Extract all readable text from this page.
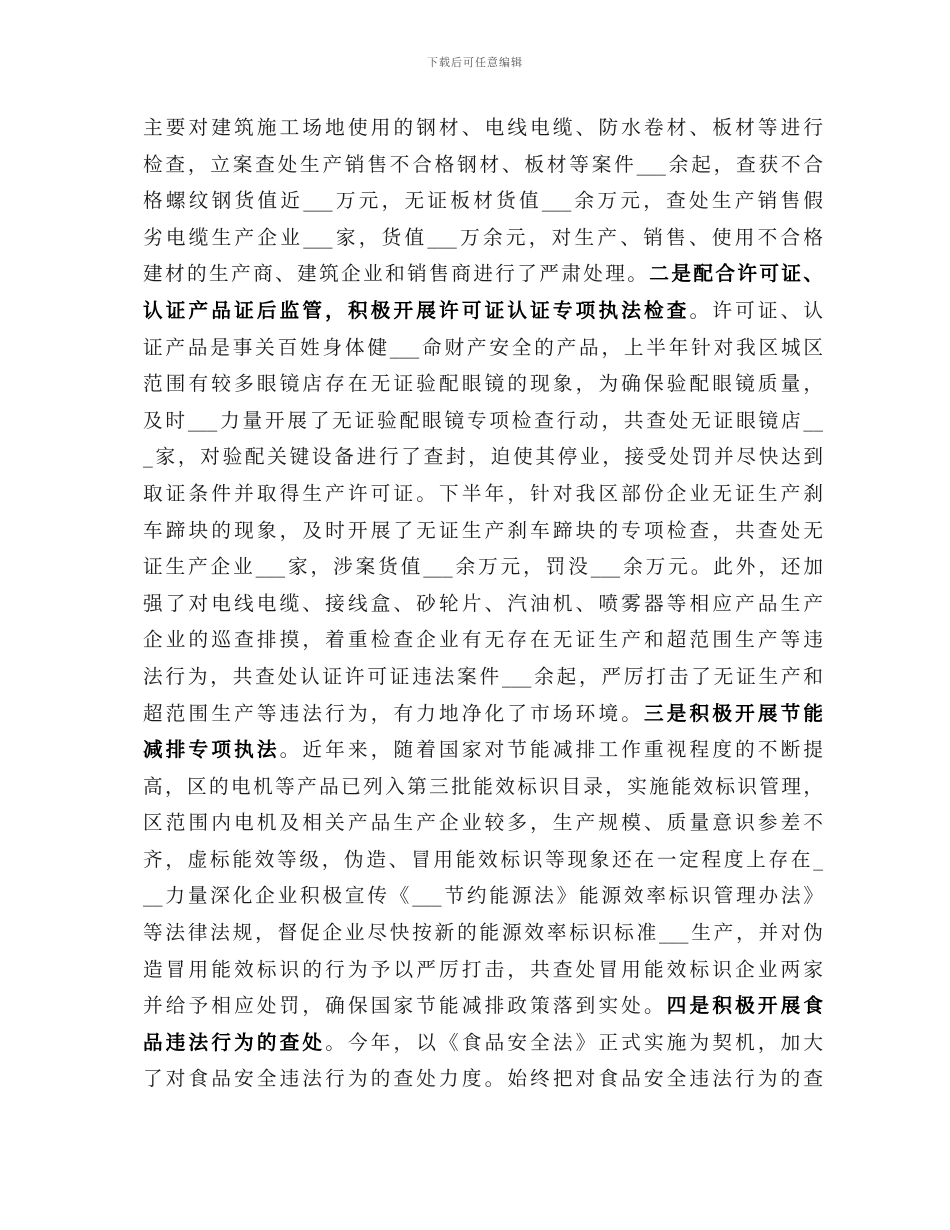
下载后可任意编辑
主要对建筑施工场地使用的钢材、电线电缆、防水卷材、板材等进行
检查，立案查处生产销售不合格钢材、板材等案件___余起，查获不合
格螺纹钢货值近___万元，无证板材货值___余万元，查处生产销售假
劣电缆生产企业___家，货值___万余元，对生产、销售、使用不合格
建材的生产商、建筑企业和销售商进行了严肃处理。二是配合许可证、
认证产品证后监管，积极开展许可证认证专项执法检查。许可证、认
证产品是事关百姓身体健___命财产安全的产品，上半年针对我区城区
范围有较多眼镜店存在无证验配眼镜的现象，为确保验配眼镜质量，
及时___力量开展了无证验配眼镜专项检查行动，共查处无证眼镜店__
_家，对验配关键设备进行了查封，迫使其停业，接受处罚并尽快达到
取证条件并取得生产许可证。下半年，针对我区部份企业无证生产刹
车蹄块的现象，及时开展了无证生产刹车蹄块的专项检查，共查处无
证生产企业___家，涉案货值___余万元，罚没___余万元。此外，还加
强了对电线电缆、接线盒、砂轮片、汽油机、喷雾器等相应产品生产
企业的巡查排摸，着重检查企业有无存在无证生产和超范围生产等违
法行为，共查处认证许可证违法案件___余起，严厉打击了无证生产和
超范围生产等违法行为，有力地净化了市场环境。三是积极开展节能
减排专项执法。近年来，随着国家对节能减排工作重视程度的不断提
高，区的电机等产品已列入第三批能效标识目录，实施能效标识管理，
区范围内电机及相关产品生产企业较多，生产规模、质量意识参差不
齐，虚标能效等级，伪造、冒用能效标识等现象还在一定程度上存在_
__力量深化企业积极宣传《___节约能源法》能源效率标识管理办法》
等法律法规，督促企业尽快按新的能源效率标识标准___生产，并对伪
造冒用能效标识的行为予以严厉打击，共查处冒用能效标识企业两家
并给予相应处罚，确保国家节能减排政策落到实处。四是积极开展食
品违法行为的查处。今年，以《食品安全法》正式实施为契机，加大
了对食品安全违法行为的查处力度。始终把对食品安全违法行为的查
